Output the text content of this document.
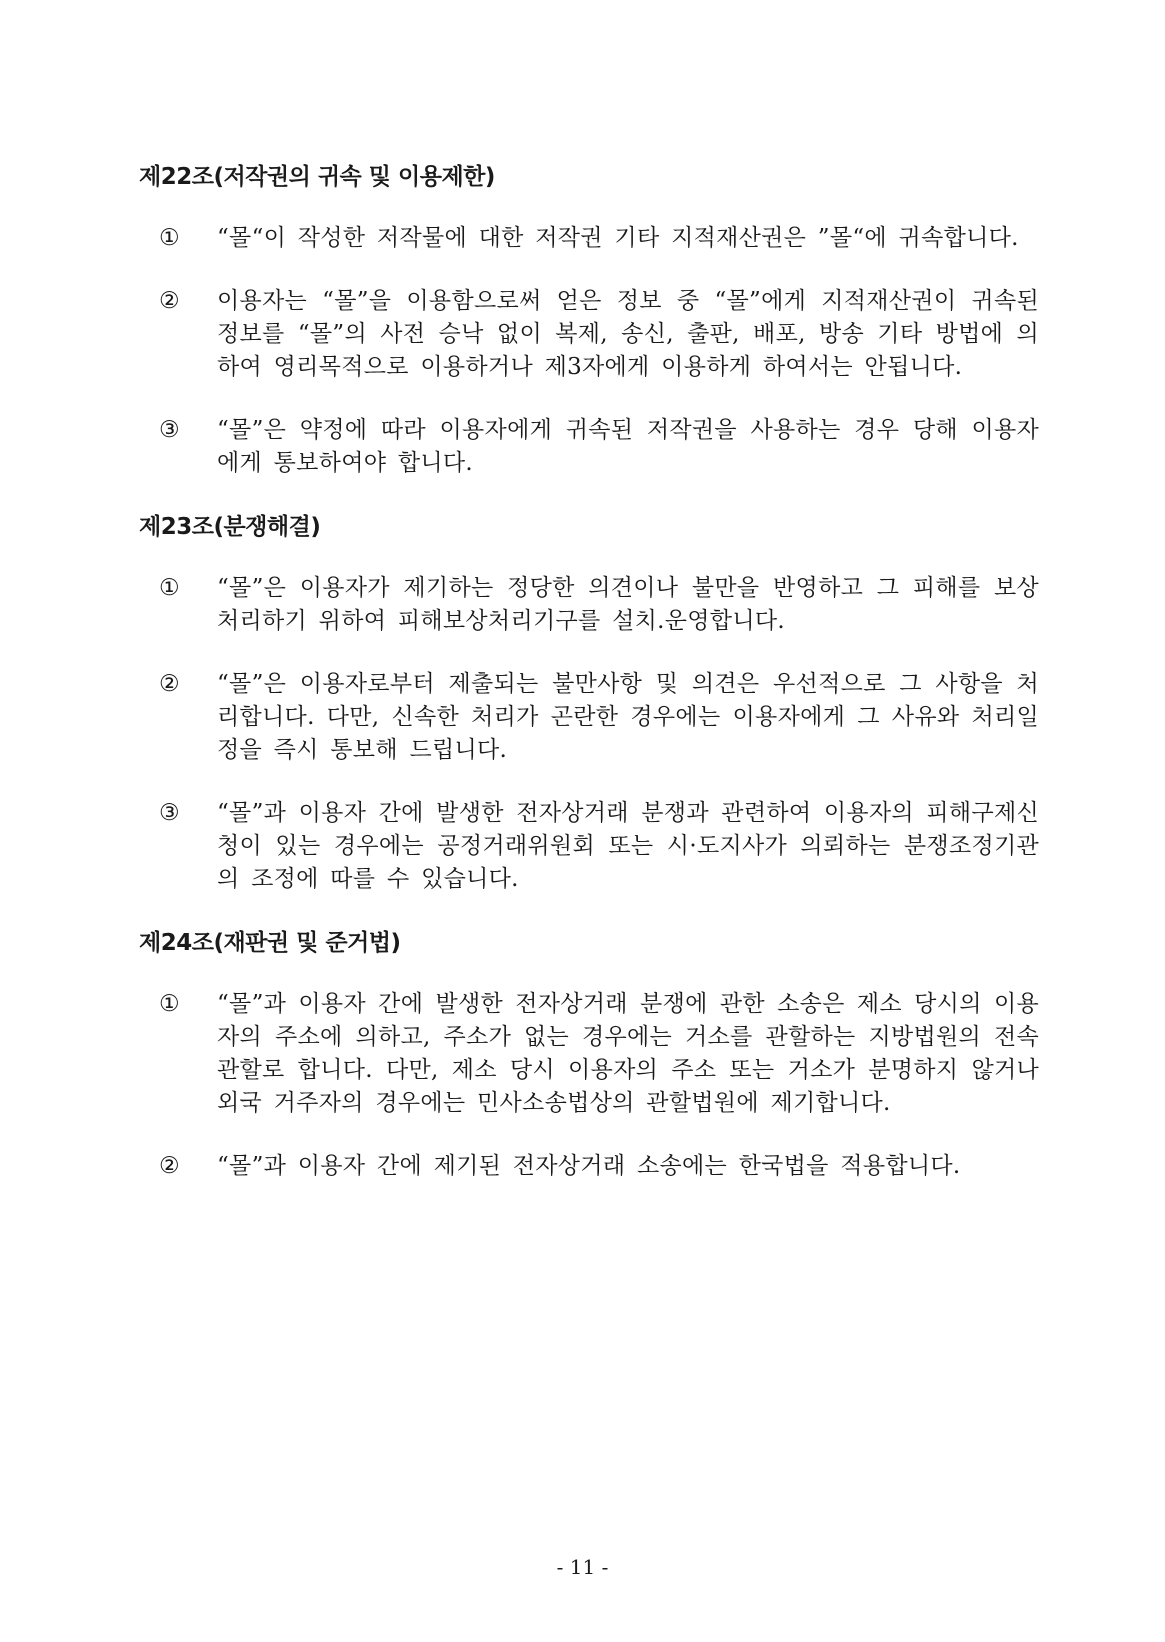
제22조(저작권의 귀속 및 이용제한)
①	“몰“이 작성한 저작물에 대한 저작권 기타 지적재산권은 ”몰“에 귀속합니다.
②	이용자는 “몰”을 이용함으로써 얻은 정보 중 “몰”에게 지적재산권이 귀속된 정보를 “몰”의 사전 승낙 없이 복제, 송신, 출판, 배포, 방송 기타 방법에 의하여 영리목적으로 이용하거나 제3자에게 이용하게 하여서는 안됩니다.
③	“몰”은 약정에 따라 이용자에게 귀속된 저작권을 사용하는 경우 당해 이용자에게 통보하여야 합니다.
제23조(분쟁해결)
①	“몰”은 이용자가 제기하는 정당한 의견이나 불만을 반영하고 그 피해를 보상처리하기 위하여 피해보상처리기구를 설치.운영합니다.
②	“몰”은 이용자로부터 제출되는 불만사항 및 의견은 우선적으로 그 사항을 처리합니다. 다만, 신속한 처리가 곤란한 경우에는 이용자에게 그 사유와 처리일정을 즉시 통보해 드립니다.
③	“몰”과 이용자 간에 발생한 전자상거래 분쟁과 관련하여 이용자의 피해구제신청이 있는 경우에는 공정거래위원회 또는 시·도지사가 의뢰하는 분쟁조정기관의 조정에 따를 수 있습니다.
제24조(재판권 및 준거법)
①	“몰”과 이용자 간에 발생한 전자상거래 분쟁에 관한 소송은 제소 당시의 이용자의 주소에 의하고, 주소가 없는 경우에는 거소를 관할하는 지방법원의 전속관할로 합니다. 다만, 제소 당시 이용자의 주소 또는 거소가 분명하지 않거나 외국 거주자의 경우에는 민사소송법상의 관할법원에 제기합니다.
②	“몰”과 이용자 간에 제기된 전자상거래 소송에는 한국법을 적용합니다.
- 11 -
